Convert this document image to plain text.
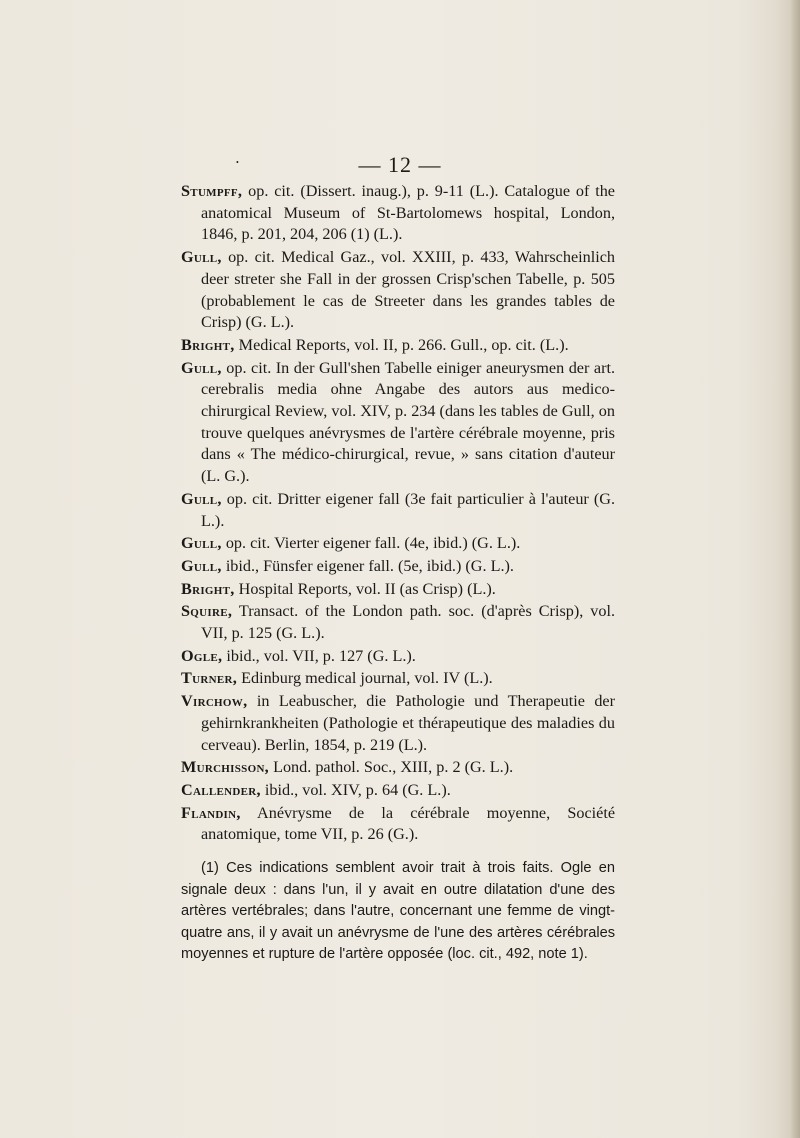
— 12 —
•

Stumpff, op. cit. (Dissert. inaug.), p. 9-11 (L.). Catalogue of the anatomical Museum of St-Bartolomews hospital, London, 1846, p. 201, 204, 206 (1) (L.).

Gull, op. cit. Medical Gaz., vol. XXIII, p. 433, Wahrscheinlich deer streter she Fall in der grossen Crisp'schen Tabelle, p. 505 (probablement le cas de Streeter dans les grandes tables de Crisp) (G. L.).

Bright, Medical Reports, vol. II, p. 266. Gull., op. cit. (L.).

Gull, op. cit. In der Gull'shen Tabelle einiger aneurysmen der art. cerebralis media ohne Angabe des autors aus medico-chirurgical Review, vol. XIV, p. 234 (dans les tables de Gull, on trouve quelques anévrysmes de l'artère cérébrale moyenne, pris dans « The médico-chirurgical, revue, » sans citation d'auteur (L. G.).

Gull, op. cit. Dritter eigener fall (3e fait particulier à l'auteur (G. L.).

Gull, op. cit. Vierter eigener fall. (4e, ibid.) (G. L.).

Gull, ibid., Fünsfer eigener fall. (5e, ibid.) (G. L.).

Bright, Hospital Reports, vol. II (as Crisp) (L.).

Squire, Transact. of the London path. soc. (d'après Crisp), vol. VII, p. 125 (G. L.).

Ogle, ibid., vol. VII, p. 127 (G. L.).

Turner, Edinburg medical journal, vol. IV (L.).

Virchow, in Leabuscher, die Pathologie und Therapeutie der gehirnkrankheiten (Pathologie et thérapeutique des maladies du cerveau). Berlin, 1854, p. 219 (L.).

Murchisson, Lond. pathol. Soc., XIII, p. 2 (G. L.).

Callender, ibid., vol. XIV, p. 64 (G. L.).

Flandin, Anévrysme de la cérébrale moyenne, Société anatomique, tome VII, p. 26 (G.).

(1) Ces indications semblent avoir trait à trois faits. Ogle en signale deux : dans l'un, il y avait en outre dilatation d'une des artères vertébrales; dans l'autre, concernant une femme de vingt-quatre ans, il y avait un anévrysme de l'une des artères cérébrales moyennes et rupture de l'artère opposée (loc. cit., 492, note 1).
